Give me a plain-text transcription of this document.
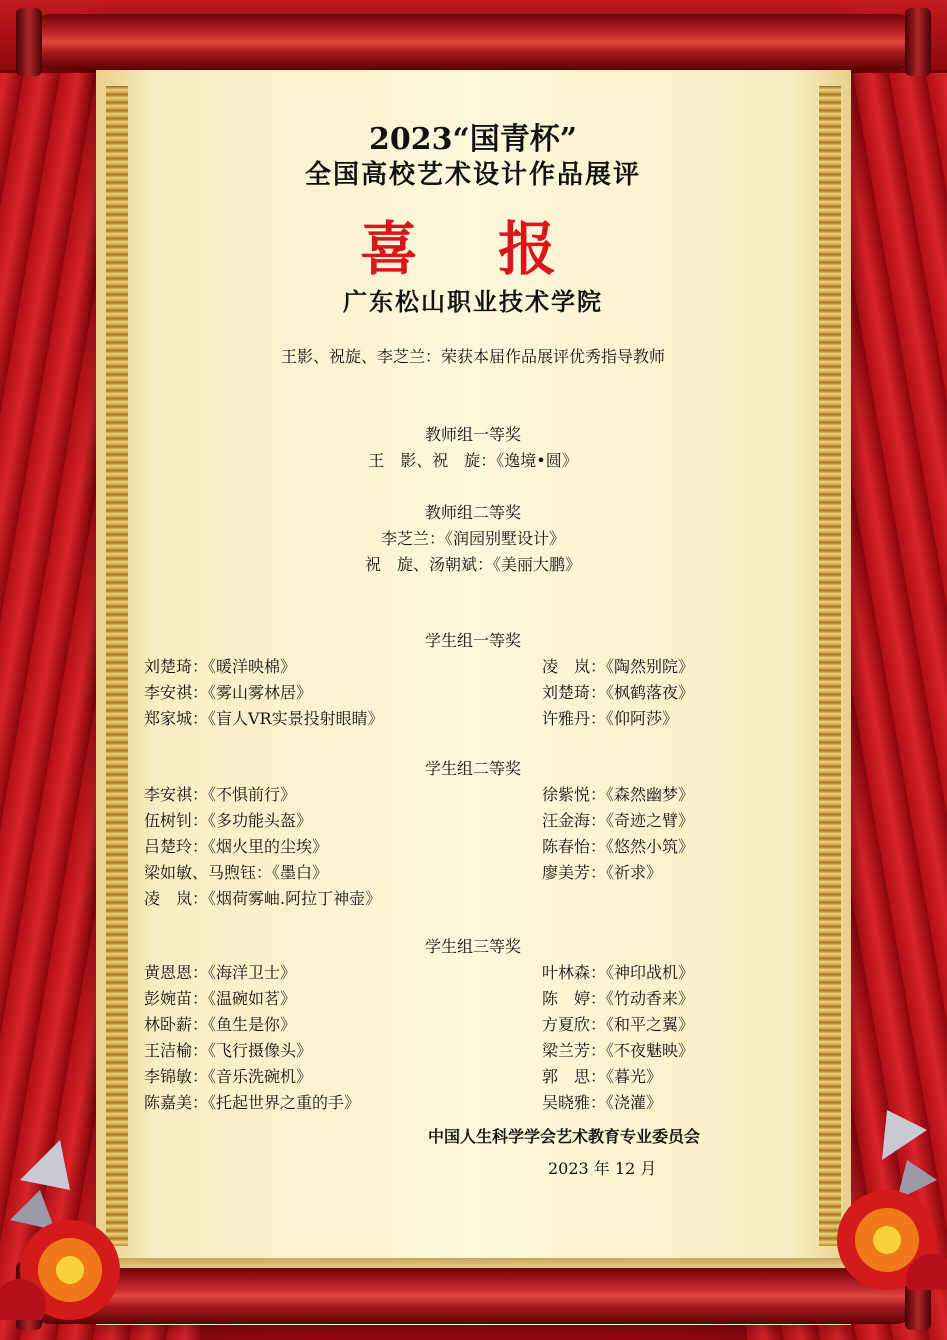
2023“国青杯”
全国高校艺术设计作品展评
喜 报
广东松山职业技术学院
王影、祝旋、李芝兰：荣获本届作品展评优秀指导教师
教师组一等奖
王　影、祝　旋：《逸境•圆》
教师组二等奖
李芝兰：《润园别墅设计》
祝　旋、汤朝斌：《美丽大鹏》
学生组一等奖
刘楚琦：《暖洋映棉》	凌　岚：《陶然别院》
李安祺：《雾山雾林居》	刘楚琦：《枫鹤落夜》
郑家城：《盲人VR实景投射眼睛》	许雅丹：《仰阿莎》
学生组二等奖
李安祺：《不惧前行》	徐紫悦：《森然幽梦》
伍树钊：《多功能头盔》	汪金海：《奇迹之臂》
吕楚玲：《烟火里的尘埃》	陈春怡：《悠然小筑》
梁如敏、马煦钰：《墨白》	廖美芳：《祈求》
凌　岚：《烟荷雾岫.阿拉丁神壶》
学生组三等奖
黄恩恩：《海洋卫士》	叶林森：《神印战机》
彭婉苗：《温碗如茗》	陈　婷：《竹动香来》
林卧薪：《鱼生是你》	方夏欣：《和平之翼》
王洁榆：《飞行摄像头》	梁兰芳：《不夜魅映》
李锦敏：《音乐洗碗机》	郭　思：《暮光》
陈嘉美：《托起世界之重的手》	吴晓雅：《浇灌》
中国人生科学学会艺术教育专业委员会
2023 年 12 月
